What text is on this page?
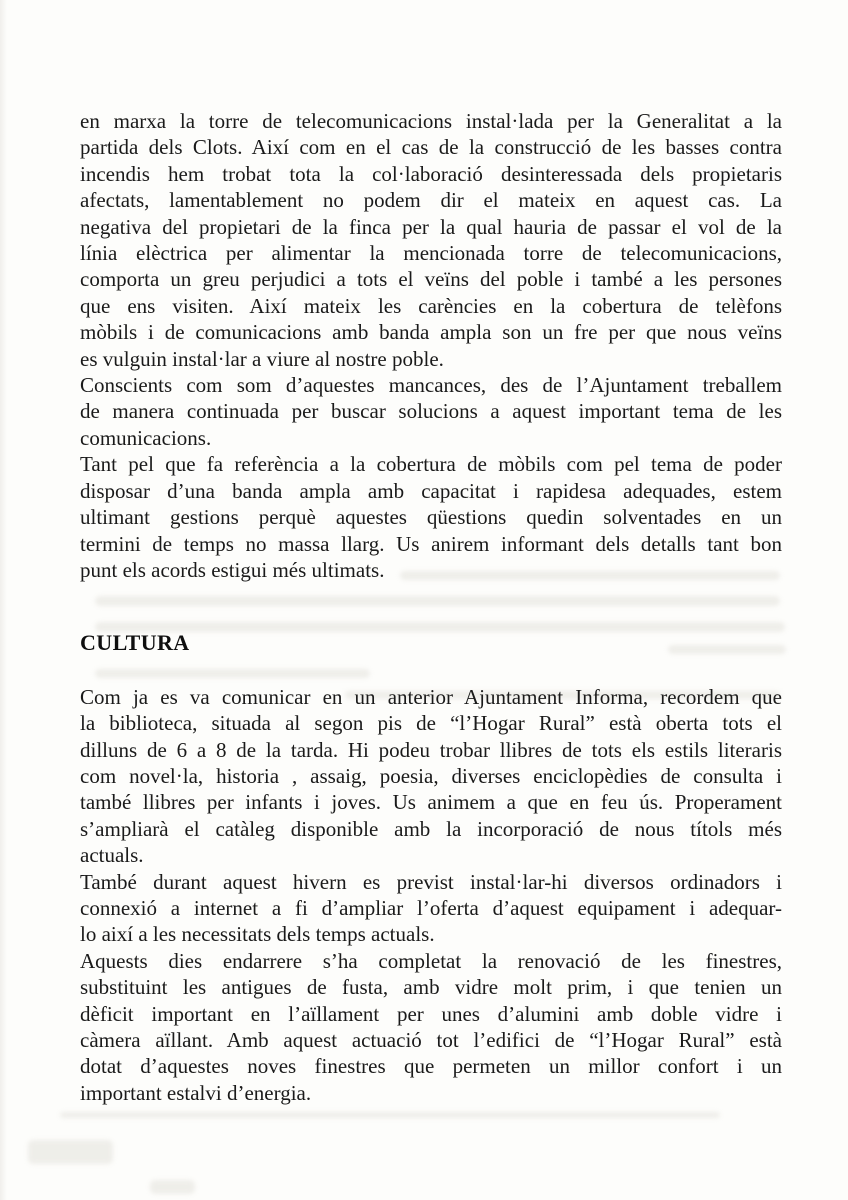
en marxa la torre de telecomunicacions instal·lada per la Generalitat a la
partida dels Clots. Així com en el cas de la construcció de les basses contra
incendis hem trobat tota la col·laboració desinteressada dels propietaris
afectats, lamentablement no podem dir el mateix en aquest cas. La
negativa del propietari de la finca per la qual hauria de passar el vol de la
línia elèctrica per alimentar la mencionada torre de telecomunicacions,
comporta un greu perjudici a tots el veïns del poble i també a les persones
que ens visiten. Així mateix les carències en la cobertura de telèfons
mòbils i de comunicacions amb banda ampla son un fre per que nous veïns
es vulguin instal·lar a viure al nostre poble.
Conscients com som d’aquestes mancances, des de l’Ajuntament treballem
de manera continuada per buscar solucions a aquest important tema de les
comunicacions.
Tant pel que fa referència a la cobertura de mòbils com pel tema de poder
disposar d’una banda ampla amb capacitat i rapidesa adequades, estem
ultimant gestions perquè aquestes qüestions quedin solventades en un
termini de temps no massa llarg. Us anirem informant dels detalls tant bon
punt els acords estigui més ultimats.
CULTURA
Com ja es va comunicar en un anterior Ajuntament Informa, recordem que
la biblioteca, situada al segon pis de “l’Hogar Rural” està oberta tots el
dilluns de 6 a 8 de la tarda. Hi podeu trobar llibres de tots els estils literaris
com novel·la, historia , assaig, poesia, diverses enciclopèdies de consulta i
també llibres per infants i joves. Us animem a que en feu ús. Properament
s’ampliarà el catàleg disponible amb la incorporació de nous títols més
actuals.
També durant aquest hivern es previst instal·lar-hi diversos ordinadors i
connexió a internet a fi d’ampliar l’oferta d’aquest equipament i adequar-
lo així a les necessitats dels temps actuals.
Aquests dies endarrere s’ha completat la renovació de les finestres,
substituint les antigues de fusta, amb vidre molt prim, i que tenien un
dèficit important en l’aïllament per unes d’alumini amb doble vidre i
càmera aïllant. Amb aquest actuació tot l’edifici de “l’Hogar Rural” està
dotat d’aquestes noves finestres que permeten un millor confort i un
important estalvi d’energia.
